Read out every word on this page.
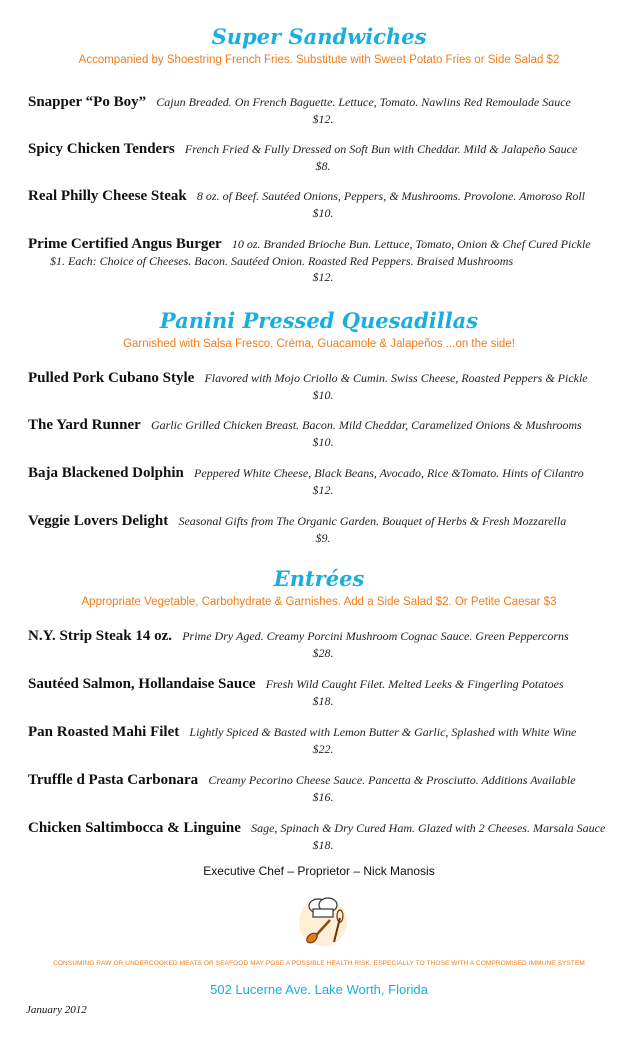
Super Sandwiches

Accompanied by Shoestring French Fries. Substitute with Sweet Potato Fries or Side Salad $2

Snapper “Po Boy” Cajun Breaded. On French Baguette. Lettuce, Tomato. Nawlins Red Remoulade Sauce
$12.
Spicy Chicken Tenders French Fried & Fully Dressed on Soft Bun with Cheddar. Mild & Jalapeño Sauce
$8.
Real Philly Cheese Steak 8 oz. of Beef. Sautéed Onions, Peppers, & Mushrooms. Provolone. Amoroso Roll
$10.
Prime Certified Angus Burger 10 oz. Branded Brioche Bun. Lettuce, Tomato, Onion & Chef Cured Pickle
$1. Each: Choice of Cheeses. Bacon. Sautéed Onion. Roasted Red Peppers. Braised Mushrooms
$12.
Panini Pressed Quesadillas

Garnished with Salsa Fresco, Crèma, Guacamole & Jalapeños ...on the side!

Pulled Pork Cubano Style Flavored with Mojo Criollo & Cumin. Swiss Cheese, Roasted Peppers & Pickle
$10.
The Yard Runner Garlic Grilled Chicken Breast. Bacon. Mild Cheddar, Caramelized Onions & Mushrooms
$10.
Baja Blackened Dolphin Peppered White Cheese, Black Beans, Avocado, Rice &Tomato. Hints of Cilantro
$12.
Veggie Lovers Delight Seasonal Gifts from The Organic Garden. Bouquet of Herbs & Fresh Mozzarella
$9.
Entrées

Appropriate Vegetable, Carbohydrate & Garnishes. Add a Side Salad $2. Or Petite Caesar $3

N.Y. Strip Steak 14 oz. Prime Dry Aged. Creamy Porcini Mushroom Cognac Sauce. Green Peppercorns
$28.
Sautéed Salmon, Hollandaise Sauce Fresh Wild Caught Filet. Melted Leeks & Fingerling Potatoes
$18.
Pan Roasted Mahi Filet Lightly Spiced & Basted with Lemon Butter & Garlic, Splashed with White Wine
$22.
Truffle d Pasta Carbonara Creamy Pecorino Cheese Sauce. Pancetta & Prosciutto. Additions Available
$16.
Chicken Saltimbocca & Linguine Sage, Spinach & Dry Cured Ham. Glazed with 2 Cheeses. Marsala Sauce
$18.
Executive Chef – Proprietor – Nick Manosis
CONSUMING RAW OR UNDERCOOKED MEATS OR SEAFOOD MAY POSE A POSSIBLE HEALTH RISK, ESPECIALLY TO THOSE WITH A COMPROMISED IMMUNE SYSTEM
502 Lucerne Ave. Lake Worth, Florida
January 2012
